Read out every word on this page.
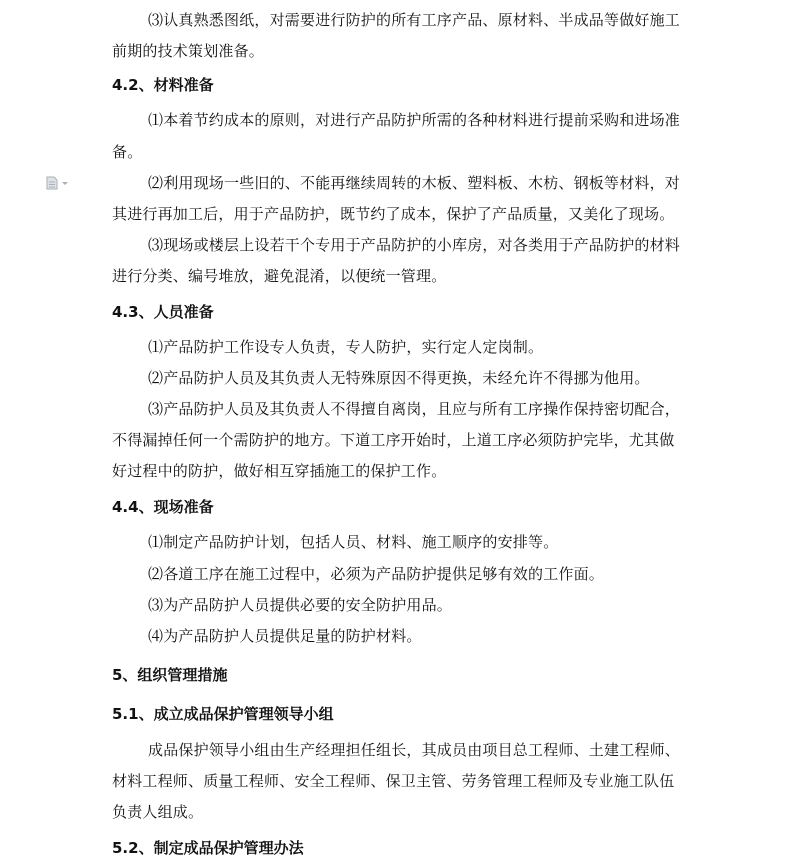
⑶认真熟悉图纸，对需要进行防护的所有工序产品、原材料、半成品等做好施工
前期的技术策划准备。
4.2、材料准备
⑴本着节约成本的原则，对进行产品防护所需的各种材料进行提前采购和进场准
备。
⑵利用现场一些旧的、不能再继续周转的木板、塑料板、木枋、钢板等材料，对
其进行再加工后，用于产品防护，既节约了成本，保护了产品质量，又美化了现场。
⑶现场或楼层上设若干个专用于产品防护的小库房，对各类用于产品防护的材料
进行分类、编号堆放，避免混淆，以便统一管理。
4.3、人员准备
⑴产品防护工作设专人负责，专人防护，实行定人定岗制。
⑵产品防护人员及其负责人无特殊原因不得更换，未经允许不得挪为他用。
⑶产品防护人员及其负责人不得擅自离岗，且应与所有工序操作保持密切配合，
不得漏掉任何一个需防护的地方。下道工序开始时，上道工序必须防护完毕，尤其做
好过程中的防护，做好相互穿插施工的保护工作。
4.4、现场准备
⑴制定产品防护计划，包括人员、材料、施工顺序的安排等。
⑵各道工序在施工过程中，必须为产品防护提供足够有效的工作面。
⑶为产品防护人员提供必要的安全防护用品。
⑷为产品防护人员提供足量的防护材料。
5、组织管理措施
5.1、成立成品保护管理领导小组
成品保护领导小组由生产经理担任组长，其成员由项目总工程师、土建工程师、
材料工程师、质量工程师、安全工程师、保卫主管、劳务管理工程师及专业施工队伍
负责人组成。
5.2、制定成品保护管理办法
